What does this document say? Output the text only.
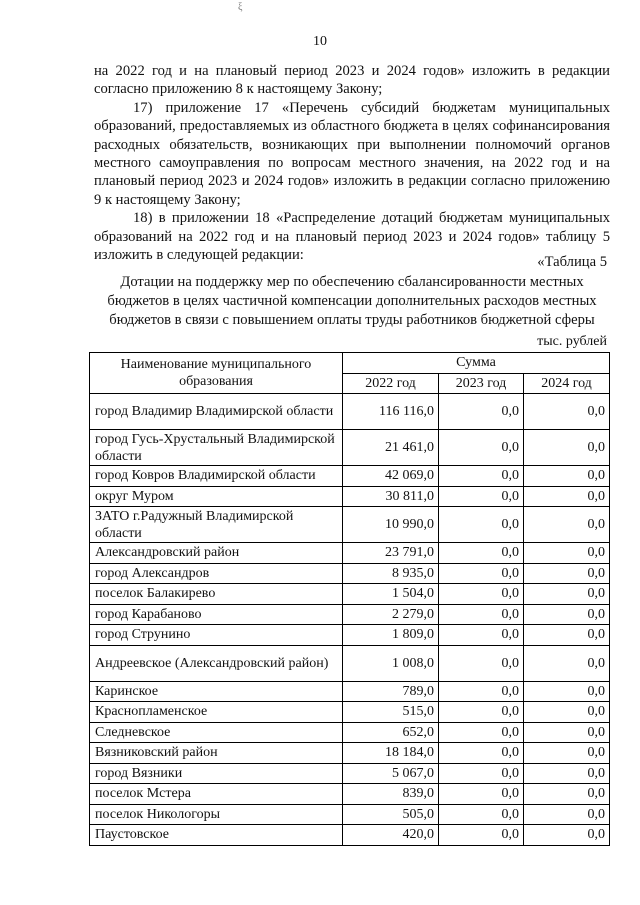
ξ
10

на 2022 год и на плановый период 2023 и 2024 годов» изложить в редакции согласно приложению 8 к настоящему Закону;

17) приложение 17 «Перечень субсидий бюджетам муниципальных образований, предоставляемых из областного бюджета в целях софинансирования расходных обязательств, возникающих при выполнении полномочий органов местного самоуправления по вопросам местного значения, на 2022 год и на плановый период 2023 и 2024 годов» изложить в редакции согласно приложению 9 к настоящему Закону;

18) в приложении 18 «Распределение дотаций бюджетам муниципальных образований на 2022 год и на плановый период 2023 и 2024 годов» таблицу 5 изложить в следующей редакции:	«Таблица 5
Дотации на поддержку мер по обеспечению сбалансированности местных бюджетов в целях частичной компенсации дополнительных расходов местных бюджетов в связи с повышением оплаты труды работников бюджетной сферы
тыс. рублей
Наименование муниципального образования	Сумма		
	2022 год	2023 год	2024 год
город Владимир Владимирской области	116 116,0	0,0	0,0
город Гусь-Хрустальный Владимирской области	21 461,0	0,0	0,0
город Ковров Владимирской области	42 069,0	0,0	0,0
округ Муром	30 811,0	0,0	0,0
ЗАТО г.Радужный Владимирской области	10 990,0	0,0	0,0
Александровский район	23 791,0	0,0	0,0
город Александров	8 935,0	0,0	0,0
поселок Балакирево	1 504,0	0,0	0,0
город Карабаново	2 279,0	0,0	0,0
город Струнино	1 809,0	0,0	0,0
Андреевское (Александровский район)	1 008,0	0,0	0,0
Каринское	789,0	0,0	0,0
Краснопламенское	515,0	0,0	0,0
Следневское	652,0	0,0	0,0
Вязниковский район	18 184,0	0,0	0,0
город Вязники	5 067,0	0,0	0,0
поселок Мстера	839,0	0,0	0,0
поселок Никологоры	505,0	0,0	0,0
Паустовское	420,0	0,0	0,0
